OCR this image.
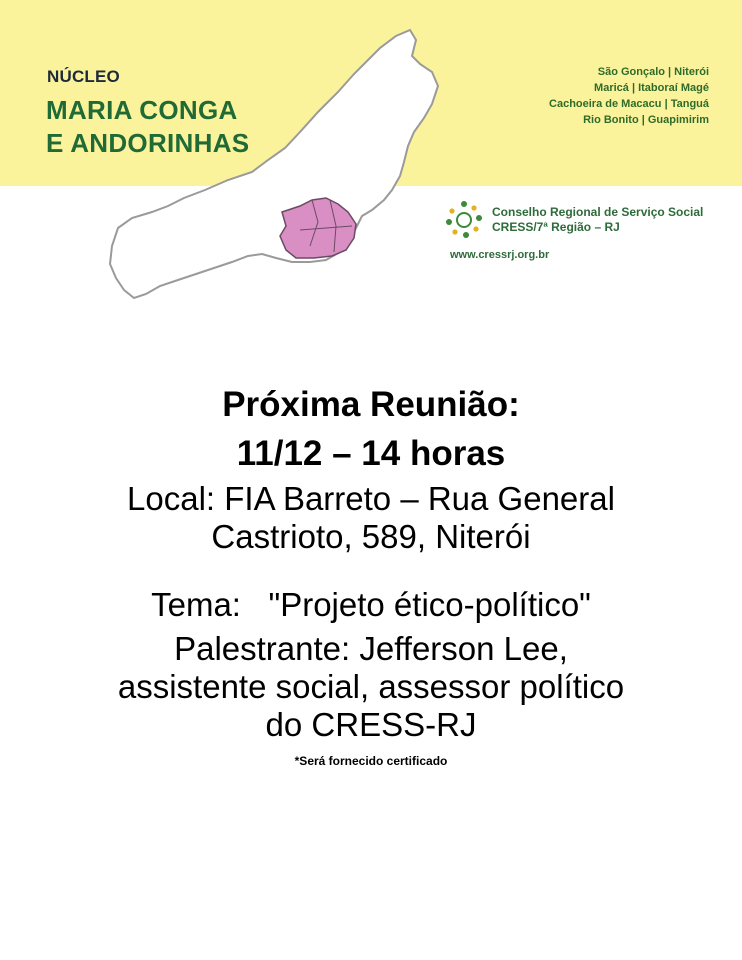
NÚCLEO
MARIA CONGA
E ANDORINHAS
São Gonçalo | Niterói
Maricá | Itaboraí Magé
Cachoeira de Macacu | Tanguá
Rio Bonito | Guapimirim
Conselho Regional de Serviço Social
CRESS/7ª Região – RJ
www.cressrj.org.br
Próxima Reunião:
11/12 – 14 horas
Local: FIA Barreto – Rua General
Castrioto, 589, Niterói
Tema:   "Projeto ético-político"
Palestrante: Jefferson Lee,
assistente social, assessor político
do CRESS-RJ
*Será fornecido certificado
